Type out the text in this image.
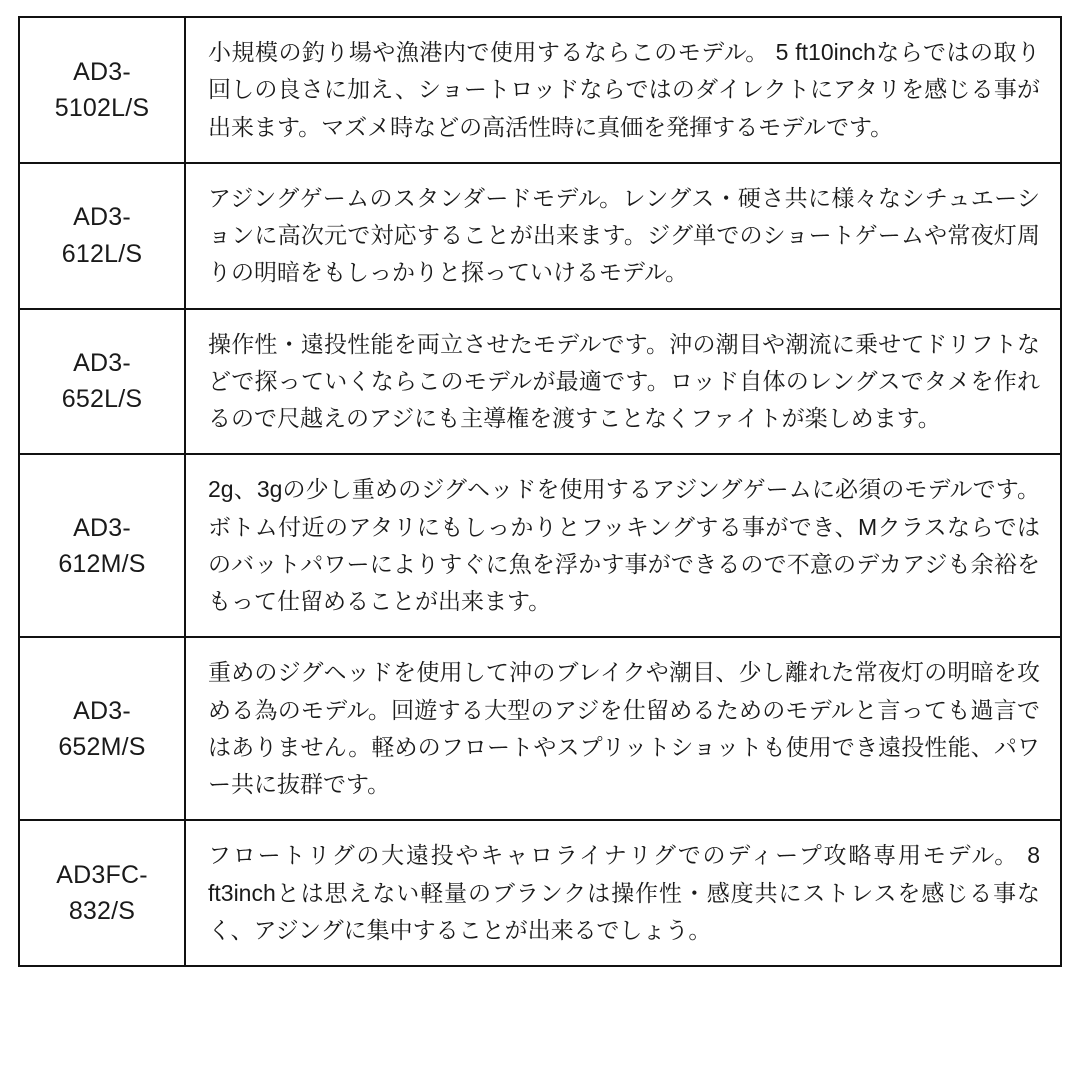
AD3-
5102L/S	小規模の釣り場や漁港内で使用するならこのモデル。 5 ft10inchならではの取り回しの良さに加え、ショートロッドならではのダイレクトにアタリを感じる事が出来ます。マズメ時などの高活性時に真価を発揮するモデルです。

AD3-
612L/S	アジングゲームのスタンダードモデル。レングス・硬さ共に様々なシチュエーションに高次元で対応することが出来ます。ジグ単でのショートゲームや常夜灯周りの明暗をもしっかりと探っていけるモデル。

AD3-
652L/S	操作性・遠投性能を両立させたモデルです。沖の潮目や潮流に乗せてドリフトなどで探っていくならこのモデルが最適です。ロッド自体のレングスでタメを作れるので尺越えのアジにも主導権を渡すことなくファイトが楽しめます。

AD3-
612M/S	2g、3gの少し重めのジグヘッドを使用するアジングゲームに必須のモデルです。ボトム付近のアタリにもしっかりとフッキングする事ができ、Mクラスならではのバットパワーによりすぐに魚を浮かす事ができるので不意のデカアジも余裕をもって仕留めることが出来ます。

AD3-
652M/S	重めのジグヘッドを使用して沖のブレイクや潮目、少し離れた常夜灯の明暗を攻める為のモデル。回遊する大型のアジを仕留めるためのモデルと言っても過言ではありません。軽めのフロートやスプリットショットも使用でき遠投性能、パワー共に抜群です。

AD3FC-
832/S	フロートリグの大遠投やキャロライナリグでのディープ攻略専用モデル。 8 ft3inchとは思えない軽量のブランクは操作性・感度共にストレスを感じる事なく、アジングに集中することが出来るでしょう。
